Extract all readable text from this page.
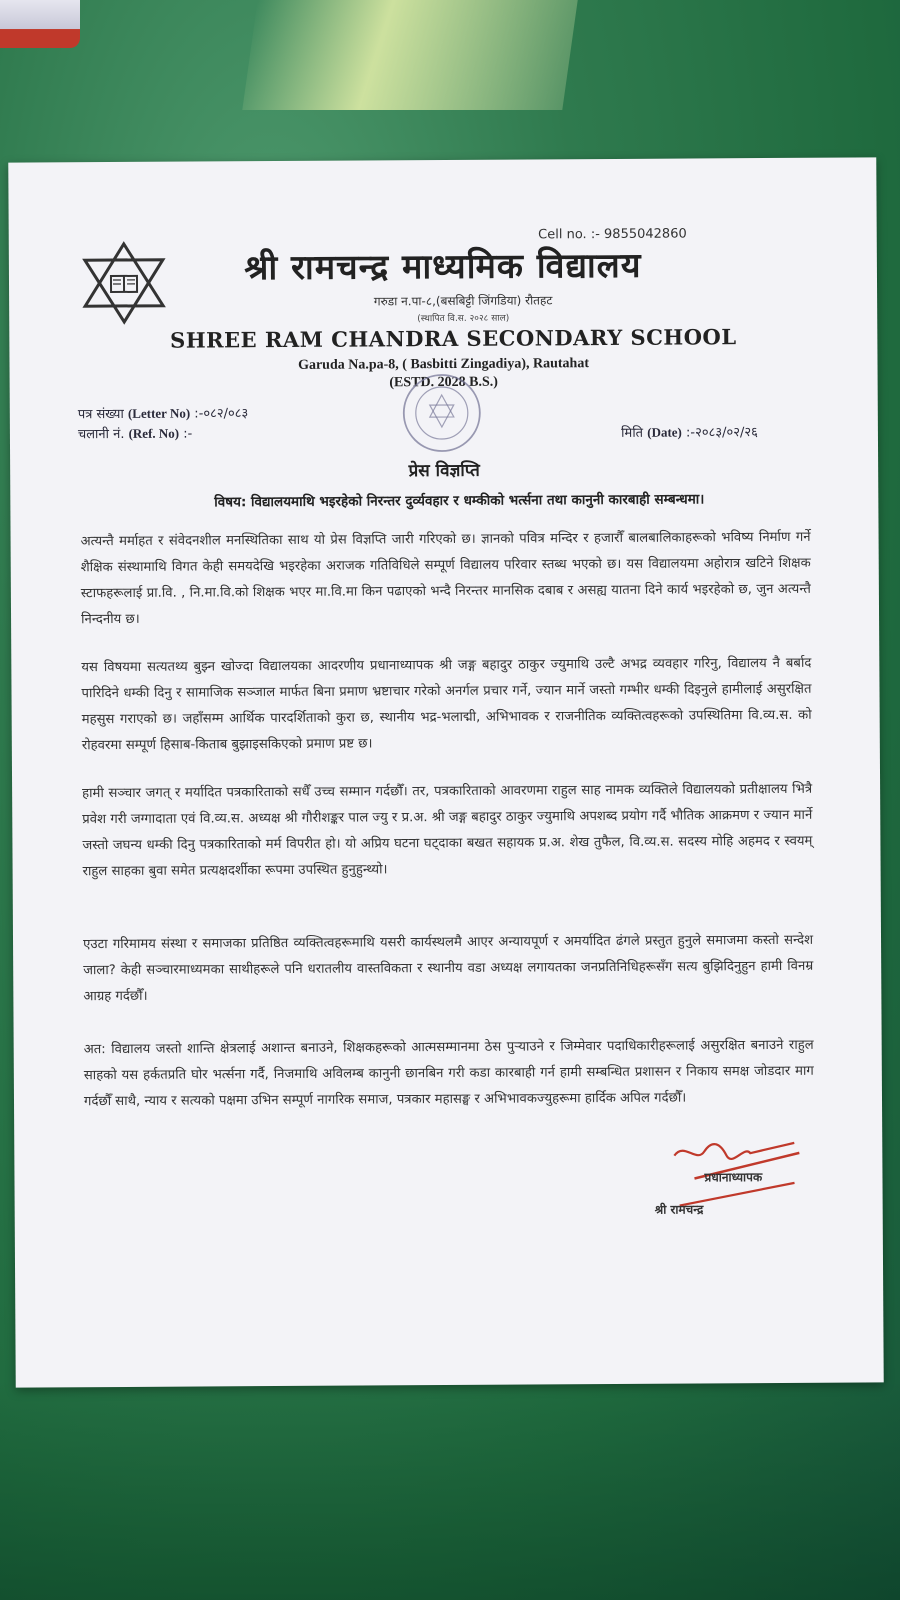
Cell no. :- 9855042860
श्री रामचन्द्र माध्यमिक विद्यालय
गरुडा न.पा-८,(बसबिट्टी जिंगडिया) रौतहट
(स्थापित वि.स. २०२८ साल)
SHREE RAM CHANDRA SECONDARY SCHOOL
Garuda Na.pa-8, ( Basbitti Zingadiya), Rautahat
(ESTD. 2028 B.S.)
पत्र संख्या (Letter No) :-०८२/०८३
चलानी नं. (Ref. No) :-	मिति (Date) :-२०८३/०२/२६
प्रेस विज्ञप्ति
विषय: विद्यालयमाथि भइरहेको निरन्तर दुर्व्यवहार र धम्कीको भर्त्सना तथा कानुनी कारबाही सम्बन्धमा।

अत्यन्तै मर्माहत र संवेदनशील मनस्थितिका साथ यो प्रेस विज्ञप्ति जारी गरिएको छ। ज्ञानको पवित्र मन्दिर र हजारौँ बालबालिकाहरूको भविष्य निर्माण गर्ने शैक्षिक संस्थामाथि विगत केही समयदेखि भइरहेका अराजक गतिविधिले सम्पूर्ण विद्यालय परिवार स्तब्ध भएको छ। यस विद्यालयमा अहोरात्र खटिने शिक्षक स्टाफहरूलाई प्रा.वि. , नि.मा.वि.को शिक्षक भएर मा.वि.मा किन पढाएको भन्दै निरन्तर मानसिक दबाब र असह्य यातना दिने कार्य भइरहेको छ, जुन अत्यन्तै निन्दनीय छ।

यस विषयमा सत्यतथ्य बुझ्न खोज्दा विद्यालयका आदरणीय प्रधानाध्यापक श्री जङ्ग बहादुर ठाकुर ज्युमाथि उल्टै अभद्र व्यवहार गरिनु, विद्यालय नै बर्बाद पारिदिने धम्की दिनु र सामाजिक सञ्जाल मार्फत बिना प्रमाण भ्रष्टाचार गरेको अनर्गल प्रचार गर्ने, ज्यान मार्ने जस्तो गम्भीर धम्की दिइनुले हामीलाई असुरक्षित महसुस गराएको छ। जहाँसम्म आर्थिक पारदर्शिताको कुरा छ, स्थानीय भद्र-भलाद्मी, अभिभावक र राजनीतिक व्यक्तित्वहरूको उपस्थितिमा वि.व्य.स. को रोहवरमा सम्पूर्ण हिसाब-किताब बुझाइसकिएको प्रमाण प्रष्ट छ।

हामी सञ्चार जगत् र मर्यादित पत्रकारिताको सधैँ उच्च सम्मान गर्दछौँ। तर, पत्रकारिताको आवरणमा राहुल साह नामक व्यक्तिले विद्यालयको प्रतीक्षालय भित्रै प्रवेश गरी जग्गादाता एवं वि.व्य.स. अध्यक्ष श्री गौरीशङ्कर पाल ज्यु र प्र.अ. श्री जङ्ग बहादुर ठाकुर ज्युमाथि अपशब्द प्रयोग गर्दै भौतिक आक्रमण र ज्यान मार्ने जस्तो जघन्य धम्की दिनु पत्रकारिताको मर्म विपरीत हो। यो अप्रिय घटना घट्दाका बखत सहायक प्र.अ. शेख तुफैल, वि.व्य.स. सदस्य मोहि अहमद र स्वयम् राहुल साहका बुवा समेत प्रत्यक्षदर्शीका रूपमा उपस्थित हुनुहुन्थ्यो।

एउटा गरिमामय संस्था र समाजका प्रतिष्ठित व्यक्तित्वहरूमाथि यसरी कार्यस्थलमै आएर अन्यायपूर्ण र अमर्यादित ढंगले प्रस्तुत हुनुले समाजमा कस्तो सन्देश जाला? केही सञ्चारमाध्यमका साथीहरूले पनि धरातलीय वास्तविकता र स्थानीय वडा अध्यक्ष लगायतका जनप्रतिनिधिहरूसँग सत्य बुझिदिनुहुन हामी विनम्र आग्रह गर्दछौँ।

अत: विद्यालय जस्तो शान्ति क्षेत्रलाई अशान्त बनाउने, शिक्षकहरूको आत्मसम्मानमा ठेस पुऱ्याउने र जिम्मेवार पदाधिकारीहरूलाई असुरक्षित बनाउने राहुल साहको यस हर्कतप्रति घोर भर्त्सना गर्दै, निजमाथि अविलम्ब कानुनी छानबिन गरी कडा कारबाही गर्न हामी सम्बन्धित प्रशासन र निकाय समक्ष जोडदार माग गर्दछौँ साथै, न्याय र सत्यको पक्षमा उभिन सम्पूर्ण नागरिक समाज, पत्रकार महासङ्घ र अभिभावकज्युहरूमा हार्दिक अपिल गर्दछौँ।

प्रधानाध्यापक
श्री रामचन्द्र
